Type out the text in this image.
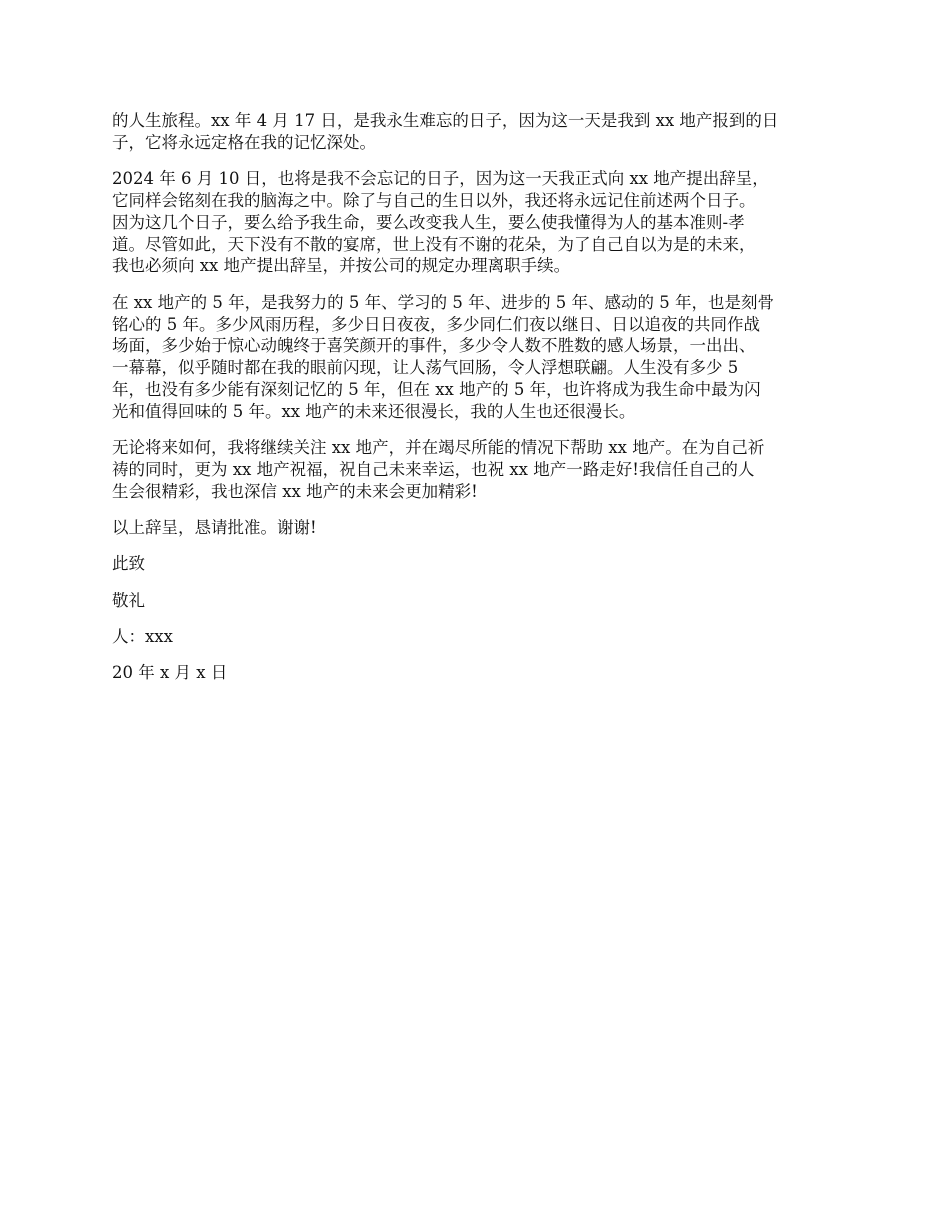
的人生旅程。xx 年 4 月 17 日，是我永生难忘的日子，因为这一天是我到 xx 地产报到的日
子，它将永远定格在我的记忆深处。

2024 年 6 月 10 日，也将是我不会忘记的日子，因为这一天我正式向 xx 地产提出辞呈，
它同样会铭刻在我的脑海之中。除了与自己的生日以外，我还将永远记住前述两个日子。
因为这几个日子，要么给予我生命，要么改变我人生，要么使我懂得为人的基本准则-孝
道。尽管如此，天下没有不散的宴席，世上没有不谢的花朵，为了自己自以为是的未来，
我也必须向 xx 地产提出辞呈，并按公司的规定办理离职手续。

在 xx 地产的 5 年，是我努力的 5 年、学习的 5 年、进步的 5 年、感动的 5 年，也是刻骨
铭心的 5 年。多少风雨历程，多少日日夜夜，多少同仁们夜以继日、日以追夜的共同作战
场面，多少始于惊心动魄终于喜笑颜开的事件，多少令人数不胜数的感人场景，一出出、
一幕幕，似乎随时都在我的眼前闪现，让人荡气回肠，令人浮想联翩。人生没有多少 5
年，也没有多少能有深刻记忆的 5 年，但在 xx 地产的 5 年，也许将成为我生命中最为闪
光和值得回味的 5 年。xx 地产的未来还很漫长，我的人生也还很漫长。

无论将来如何，我将继续关注 xx 地产，并在竭尽所能的情况下帮助 xx 地产。在为自己祈
祷的同时，更为 xx 地产祝福，祝自己未来幸运，也祝 xx 地产一路走好!我信任自己的人
生会很精彩，我也深信 xx 地产的未来会更加精彩!

以上辞呈，恳请批准。谢谢!

此致

敬礼

人：xxx

20 年 x 月 x 日
